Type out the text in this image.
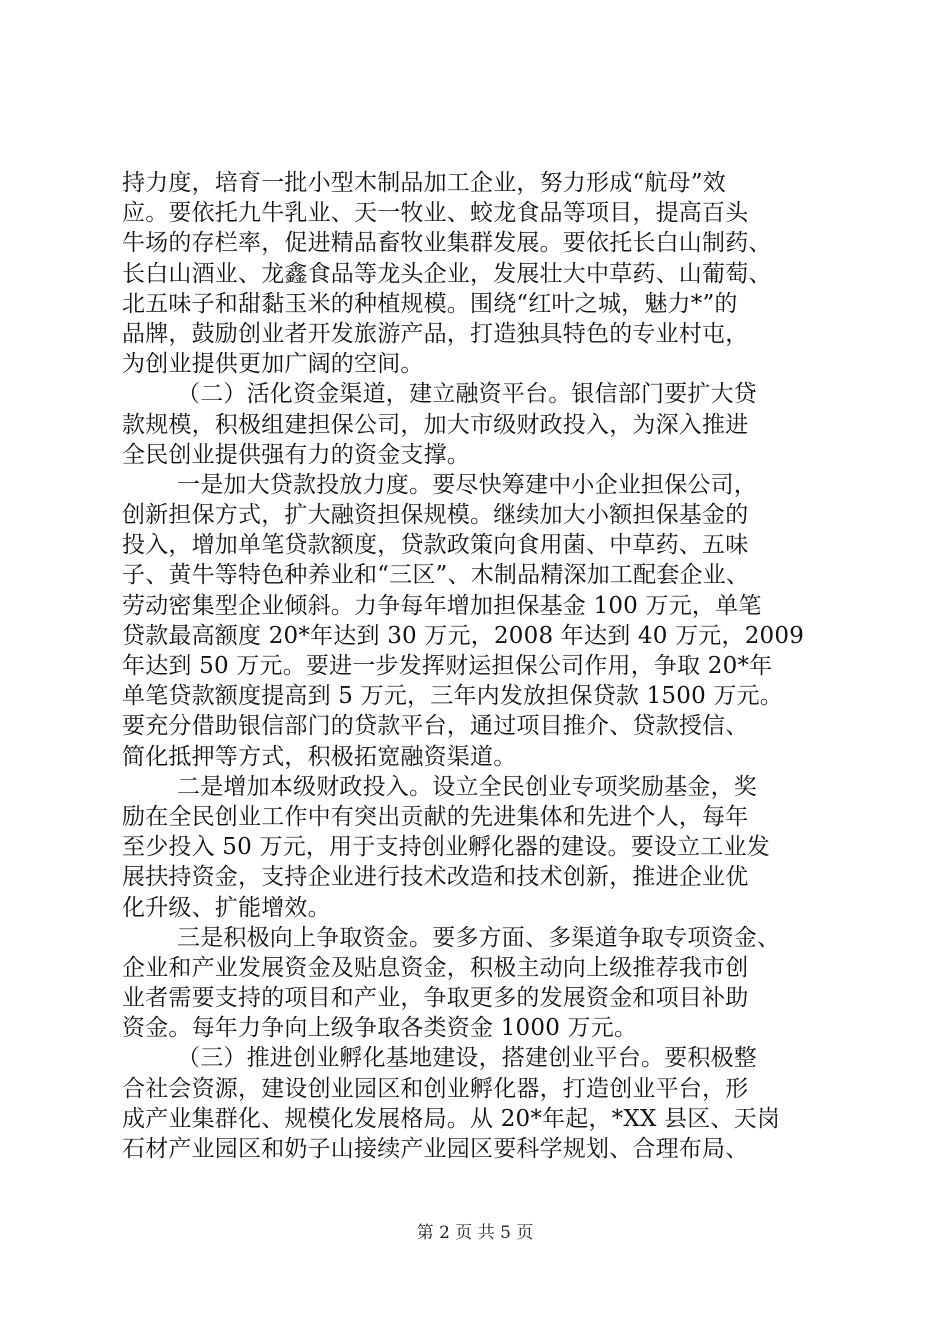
持力度，培育一批小型木制品加工企业，努力形成“航母”效
应。要依托九牛乳业、天一牧业、蛟龙食品等项目，提高百头
牛场的存栏率，促进精品畜牧业集群发展。要依托长白山制药、
长白山酒业、龙鑫食品等龙头企业，发展壮大中草药、山葡萄、
北五味子和甜黏玉米的种植规模。围绕“红叶之城，魅力*”的
品牌，鼓励创业者开发旅游产品，打造独具特色的专业村屯，
为创业提供更加广阔的空间。
（二）活化资金渠道，建立融资平台。银信部门要扩大贷
款规模，积极组建担保公司，加大市级财政投入，为深入推进
全民创业提供强有力的资金支撑。
一是加大贷款投放力度。要尽快筹建中小企业担保公司，
创新担保方式，扩大融资担保规模。继续加大小额担保基金的
投入，增加单笔贷款额度，贷款政策向食用菌、中草药、五味
子、黄牛等特色种养业和“三区”、木制品精深加工配套企业、
劳动密集型企业倾斜。力争每年增加担保基金 100 万元，单笔
贷款最高额度 20*年达到 30 万元，2008 年达到 40 万元，2009
年达到 50 万元。要进一步发挥财运担保公司作用，争取 20*年
单笔贷款额度提高到 5 万元，三年内发放担保贷款 1500 万元。
要充分借助银信部门的贷款平台，通过项目推介、贷款授信、
简化抵押等方式，积极拓宽融资渠道。
二是增加本级财政投入。设立全民创业专项奖励基金，奖
励在全民创业工作中有突出贡献的先进集体和先进个人，每年
至少投入 50 万元，用于支持创业孵化器的建设。要设立工业发
展扶持资金，支持企业进行技术改造和技术创新，推进企业优
化升级、扩能增效。
三是积极向上争取资金。要多方面、多渠道争取专项资金、
企业和产业发展资金及贴息资金，积极主动向上级推荐我市创
业者需要支持的项目和产业，争取更多的发展资金和项目补助
资金。每年力争向上级争取各类资金 1000 万元。
（三）推进创业孵化基地建设，搭建创业平台。要积极整
合社会资源，建设创业园区和创业孵化器，打造创业平台，形
成产业集群化、规模化发展格局。从 20*年起，*XX 县区、天岗
石材产业园区和奶子山接续产业园区要科学规划、合理布局、
第 2 页 共 5 页
